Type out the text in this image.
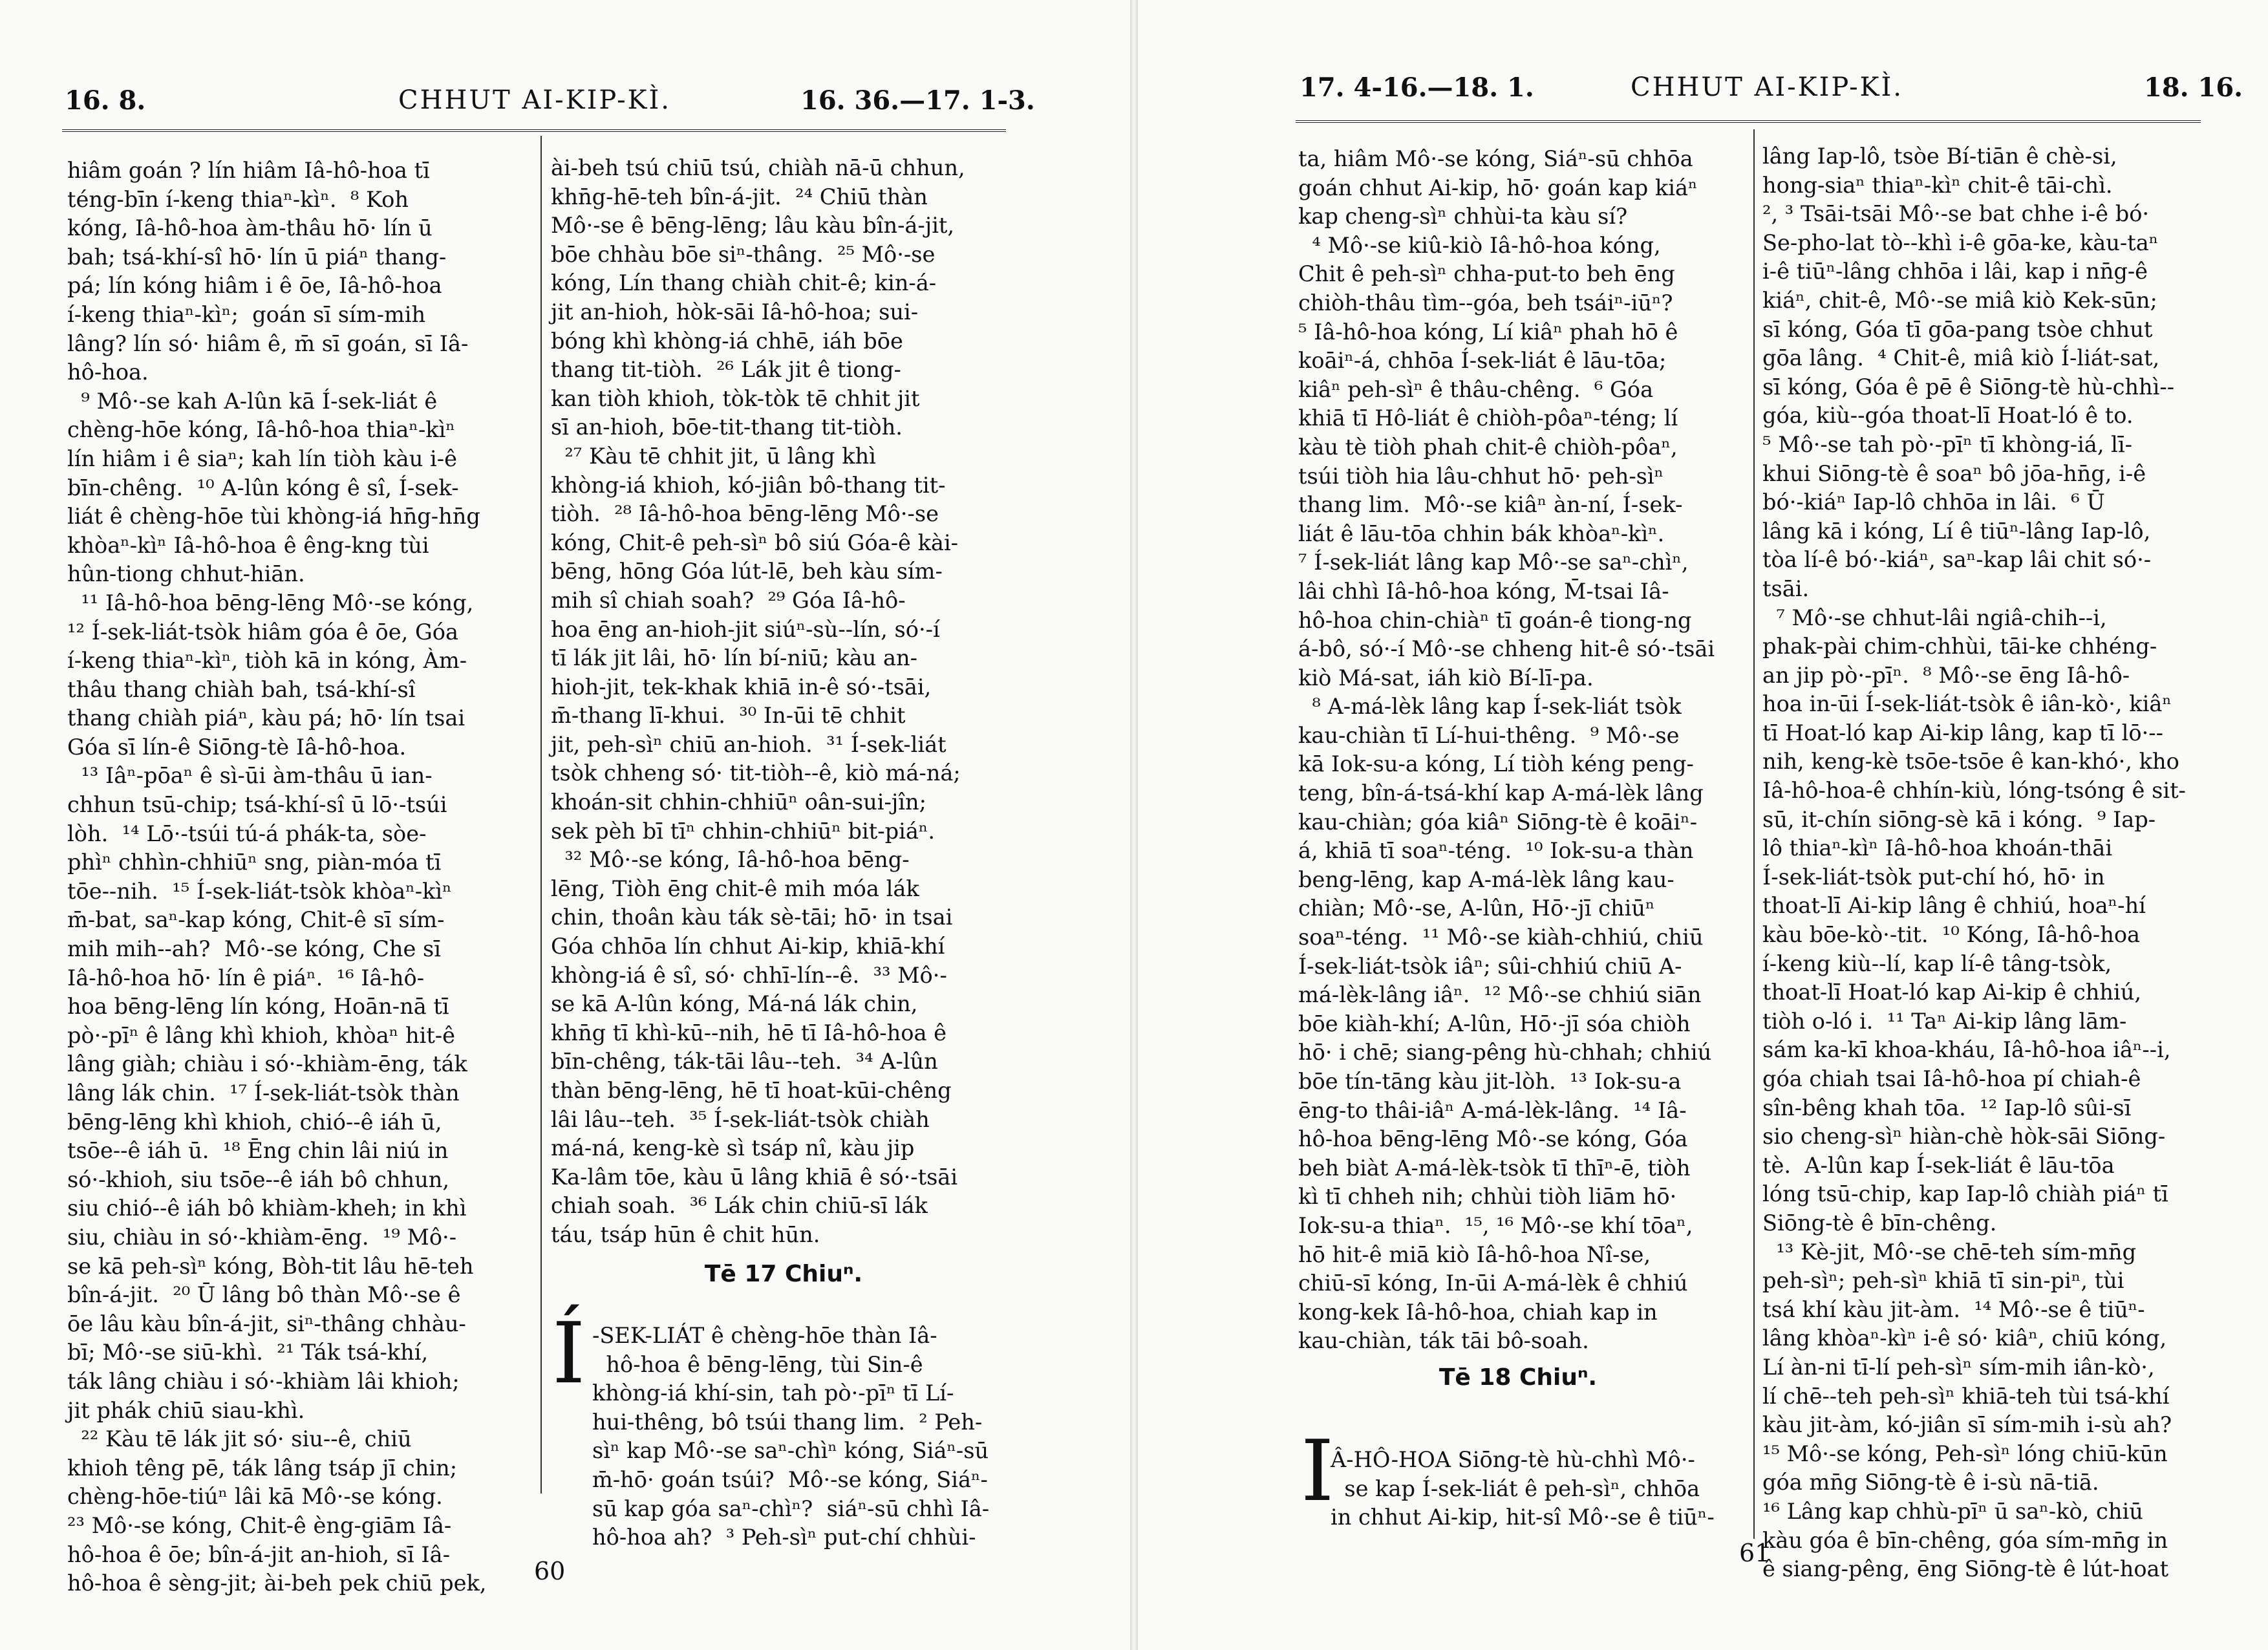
16. 8.	CHHUT AI-KIP-KÌ.	16. 36.—17. 1-3.
hiâm goán ? lín hiâm Iâ-hô-hoa tī
téng-bīn í-keng thiaⁿ-kìⁿ.  ⁸ Koh
kóng, Iâ-hô-hoa àm-thâu hō· lín ū
bah; tsá-khí-sî hō· lín ū piáⁿ thang-
pá; lín kóng hiâm i ê ōe, Iâ-hô-hoa
í-keng thiaⁿ-kìⁿ;  goán sī sím-mih
lâng? lín só· hiâm ê, m̄ sī goán, sī Iâ-
hô-hoa.
⁹ Mô·-se kah A-lûn kā Í-sek-liát ê
chèng-hōe kóng, Iâ-hô-hoa thiaⁿ-kìⁿ
lín hiâm i ê siaⁿ; kah lín tiòh kàu i-ê
bīn-chêng.  ¹⁰ A-lûn kóng ê sî, Í-sek-
liát ê chèng-hōe tùi khòng-iá hn̄g-hn̄g
khòaⁿ-kìⁿ Iâ-hô-hoa ê êng-kng tùi
hûn-tiong chhut-hiān.
¹¹ Iâ-hô-hoa bēng-lēng Mô·-se kóng,
¹² Í-sek-liát-tsòk hiâm góa ê ōe, Góa
í-keng thiaⁿ-kìⁿ, tiòh kā in kóng, Àm-
thâu thang chiàh bah, tsá-khí-sî
thang chiàh piáⁿ, kàu pá; hō· lín tsai
Góa sī lín-ê Siōng-tè Iâ-hô-hoa.
¹³ Iâⁿ-pōaⁿ ê sì-ūi àm-thâu ū ian-
chhun tsū-chip; tsá-khí-sî ū lō·-tsúi
lòh.  ¹⁴ Lō·-tsúi tú-á phák-ta, sòe-
phìⁿ chhìn-chhiūⁿ sng, piàn-móa tī
tōe--nih.  ¹⁵ Í-sek-liát-tsòk khòaⁿ-kìⁿ
m̄-bat, saⁿ-kap kóng, Chit-ê sī sím-
mih mih--ah?  Mô·-se kóng, Che sī
Iâ-hô-hoa hō· lín ê piáⁿ.  ¹⁶ Iâ-hô-
hoa bēng-lēng lín kóng, Hoān-nā tī
pò·-pīⁿ ê lâng khì khioh, khòaⁿ hit-ê
lâng giàh; chiàu i só·-khiàm-ēng, ták
lâng lák chin.  ¹⁷ Í-sek-liát-tsòk thàn
bēng-lēng khì khioh, chió--ê iáh ū,
tsōe--ê iáh ū.  ¹⁸ Ēng chin lâi niú in
só·-khioh, siu tsōe--ê iáh bô chhun,
siu chió--ê iáh bô khiàm-kheh; in khì
siu, chiàu in só·-khiàm-ēng.  ¹⁹ Mô·-
se kā peh-sìⁿ kóng, Bòh-tit lâu hē-teh
bîn-á-jit.  ²⁰ Ū lâng bô thàn Mô·-se ê
ōe lâu kàu bîn-á-jit, siⁿ-thâng chhàu-
bī; Mô·-se siū-khì.  ²¹ Ták tsá-khí,
ták lâng chiàu i só·-khiàm lâi khioh;
jit phák chiū siau-khì.
²² Kàu tē lák jit só· siu--ê, chiū
khioh têng pē, ták lâng tsáp jī chin;
chèng-hōe-tiúⁿ lâi kā Mô·-se kóng.
²³ Mô·-se kóng, Chit-ê èng-giām Iâ-
hô-hoa ê ōe; bîn-á-jit an-hioh, sī Iâ-
hô-hoa ê sèng-jit; ài-beh pek chiū pek,
ài-beh tsú chiū tsú, chiàh nā-ū chhun,
khn̄g-hē-teh bîn-á-jit.  ²⁴ Chiū thàn
Mô·-se ê bēng-lēng; lâu kàu bîn-á-jit,
bōe chhàu bōe siⁿ-thâng.  ²⁵ Mô·-se
kóng, Lín thang chiàh chit-ê; kin-á-
jit an-hioh, hòk-sāi Iâ-hô-hoa; sui-
bóng khì khòng-iá chhē, iáh bōe
thang tit-tiòh.  ²⁶ Lák jit ê tiong-
kan tiòh khioh, tòk-tòk tē chhit jit
sī an-hioh, bōe-tit-thang tit-tiòh.
²⁷ Kàu tē chhit jit, ū lâng khì
khòng-iá khioh, kó-jiân bô-thang tit-
tiòh.  ²⁸ Iâ-hô-hoa bēng-lēng Mô·-se
kóng, Chit-ê peh-sìⁿ bô siú Góa-ê kài-
bēng, hōng Góa lút-lē, beh kàu sím-
mih sî chiah soah?  ²⁹ Góa Iâ-hô-
hoa ēng an-hioh-jit siúⁿ-sù--lín, só·-í
tī lák jit lâi, hō· lín bí-niū; kàu an-
hioh-jit, tek-khak khiā in-ê só·-tsāi,
m̄-thang lī-khui.  ³⁰ In-ūi tē chhit
jit, peh-sìⁿ chiū an-hioh.  ³¹ Í-sek-liát
tsòk chheng só· tit-tiòh--ê, kiò má-ná;
khoán-sit chhin-chhiūⁿ oân-sui-jîn;
sek pèh bī tīⁿ chhin-chhiūⁿ bit-piáⁿ.
³² Mô·-se kóng, Iâ-hô-hoa bēng-
lēng, Tiòh ēng chit-ê mih móa lák
chin, thoân kàu ták sè-tāi; hō· in tsai
Góa chhōa lín chhut Ai-kip, khiā-khí
khòng-iá ê sî, só· chhī-lín--ê.  ³³ Mô·-
se kā A-lûn kóng, Má-ná lák chin,
khn̄g tī khì-kū--nih, hē tī Iâ-hô-hoa ê
bīn-chêng, ták-tāi lâu--teh.  ³⁴ A-lûn
thàn bēng-lēng, hē tī hoat-kūi-chêng
lâi lâu--teh.  ³⁵ Í-sek-liát-tsòk chiàh
má-ná, keng-kè sì tsáp nî, kàu jip
Ka-lâm tōe, kàu ū lâng khiā ê só·-tsāi
chiah soah.  ³⁶ Lák chin chiū-sī lák
táu, tsáp hūn ê chit hūn.
Tē 17 Chiuⁿ.
Í -SEK-LIÁT ê chèng-hōe thàn Iâ-
hô-hoa ê bēng-lēng, tùi Sin-ê
khòng-iá khí-sin, tah pò·-pīⁿ tī Lí-
hui-thêng, bô tsúi thang lim.  ² Peh-
sìⁿ kap Mô·-se saⁿ-chìⁿ kóng, Siáⁿ-sū
m̄-hō· goán tsúi?  Mô·-se kóng, Siáⁿ-
sū kap góa saⁿ-chìⁿ?  siáⁿ-sū chhì Iâ-
hô-hoa ah?  ³ Peh-sìⁿ put-chí chhùi-
60
17. 4-16.—18. 1.	CHHUT AI-KIP-KÌ.	18. 16.
ta, hiâm Mô·-se kóng, Siáⁿ-sū chhōa
goán chhut Ai-kip, hō· goán kap kiáⁿ
kap cheng-sìⁿ chhùi-ta kàu sí?
⁴ Mô·-se kiû-kiò Iâ-hô-hoa kóng,
Chit ê peh-sìⁿ chha-put-to beh ēng
chiòh-thâu tìm--góa, beh tsáiⁿ-iūⁿ?
⁵ Iâ-hô-hoa kóng, Lí kiâⁿ phah hō ê
koāiⁿ-á, chhōa Í-sek-liát ê lāu-tōa;
kiâⁿ peh-sìⁿ ê thâu-chêng.  ⁶ Góa
khiā tī Hô-liát ê chiòh-pôaⁿ-téng; lí
kàu tè tiòh phah chit-ê chiòh-pôaⁿ,
tsúi tiòh hia lâu-chhut hō· peh-sìⁿ
thang lim.  Mô·-se kiâⁿ àn-ní, Í-sek-
liát ê lāu-tōa chhin bák khòaⁿ-kìⁿ.
⁷ Í-sek-liát lâng kap Mô·-se saⁿ-chìⁿ,
lâi chhì Iâ-hô-hoa kóng, M̄-tsai Iâ-
hô-hoa chin-chiàⁿ tī goán-ê tiong-ng
á-bô, só·-í Mô·-se chheng hit-ê só·-tsāi
kiò Má-sat, iáh kiò Bí-lī-pa.
⁸ A-má-lèk lâng kap Í-sek-liát tsòk
kau-chiàn tī Lí-hui-thêng.  ⁹ Mô·-se
kā Iok-su-a kóng, Lí tiòh kéng peng-
teng, bîn-á-tsá-khí kap A-má-lèk lâng
kau-chiàn; góa kiâⁿ Siōng-tè ê koāiⁿ-
á, khiā tī soaⁿ-téng.  ¹⁰ Iok-su-a thàn
beng-lēng, kap A-má-lèk lâng kau-
chiàn; Mô·-se, A-lûn, Hō·-jī chiūⁿ
soaⁿ-téng.  ¹¹ Mô·-se kiàh-chhiú, chiū
Í-sek-liát-tsòk iâⁿ; sûi-chhiú chiū A-
má-lèk-lâng iâⁿ.  ¹² Mô·-se chhiú siān
bōe kiàh-khí; A-lûn, Hō·-jī sóa chiòh
hō· i chē; siang-pêng hù-chhah; chhiú
bōe tín-tāng kàu jit-lòh.  ¹³ Iok-su-a
ēng-to thâi-iâⁿ A-má-lèk-lâng.  ¹⁴ Iâ-
hô-hoa bēng-lēng Mô·-se kóng, Góa
beh biàt A-má-lèk-tsòk tī thīⁿ-ē, tiòh
kì tī chheh nih; chhùi tiòh liām hō·
Iok-su-a thiaⁿ.  ¹⁵, ¹⁶ Mô·-se khí tōaⁿ,
hō hit-ê miā kiò Iâ-hô-hoa Nî-se,
chiū-sī kóng, In-ūi A-má-lèk ê chhiú
kong-kek Iâ-hô-hoa, chiah kap in
kau-chiàn, ták tāi bô-soah.
Tē 18 Chiuⁿ.
I
Â-HÔ-HOA Siōng-tè hù-chhì Mô·-
se kap Í-sek-liát ê peh-sìⁿ, chhōa
in chhut Ai-kip, hit-sî Mô·-se ê tiūⁿ-
lâng Iap-lô, tsòe Bí-tiān ê chè-si,
hong-siaⁿ thiaⁿ-kìⁿ chit-ê tāi-chì.
², ³ Tsāi-tsāi Mô·-se bat chhe i-ê bó·
Se-pho-lat tò--khì i-ê gōa-ke, kàu-taⁿ
i-ê tiūⁿ-lâng chhōa i lâi, kap i nn̄g-ê
kiáⁿ, chit-ê, Mô·-se miâ kiò Kek-sūn;
sī kóng, Góa tī gōa-pang tsòe chhut
gōa lâng.  ⁴ Chit-ê, miâ kiò Í-liát-sat,
sī kóng, Góa ê pē ê Siōng-tè hù-chhì--
góa, kiù--góa thoat-lī Hoat-ló ê to.
⁵ Mô·-se tah pò·-pīⁿ tī khòng-iá, lī-
khui Siōng-tè ê soaⁿ bô jōa-hn̄g, i-ê
bó·-kiáⁿ Iap-lô chhōa in lâi.  ⁶ Ū
lâng kā i kóng, Lí ê tiūⁿ-lâng Iap-lô,
tòa lí-ê bó·-kiáⁿ, saⁿ-kap lâi chit só·-
tsāi.
⁷ Mô·-se chhut-lâi ngiâ-chih--i,
phak-pài chim-chhùi, tāi-ke chhéng-
an jip pò·-pīⁿ.  ⁸ Mô·-se ēng Iâ-hô-
hoa in-ūi Í-sek-liát-tsòk ê iân-kò·, kiâⁿ
tī Hoat-ló kap Ai-kip lâng, kap tī lō·--
nih, keng-kè tsōe-tsōe ê kan-khó·, kho
Iâ-hô-hoa-ê chhín-kiù, lóng-tsóng ê sit-
sū, it-chín siōng-sè kā i kóng.  ⁹ Iap-
lô thiaⁿ-kìⁿ Iâ-hô-hoa khoán-thāi
Í-sek-liát-tsòk put-chí hó, hō· in
thoat-lī Ai-kip lâng ê chhiú, hoaⁿ-hí
kàu bōe-kò·-tit.  ¹⁰ Kóng, Iâ-hô-hoa
í-keng kiù--lí, kap lí-ê tâng-tsòk,
thoat-lī Hoat-ló kap Ai-kip ê chhiú,
tiòh o-ló i.  ¹¹ Taⁿ Ai-kip lâng lām-
sám ka-kī khoa-kháu, Iâ-hô-hoa iâⁿ--i,
góa chiah tsai Iâ-hô-hoa pí chiah-ê
sîn-bêng khah tōa.  ¹² Iap-lô sûi-sī
sio cheng-sìⁿ hiàn-chè hòk-sāi Siōng-
tè.  A-lûn kap Í-sek-liát ê lāu-tōa
lóng tsū-chip, kap Iap-lô chiàh piáⁿ tī
Siōng-tè ê bīn-chêng.
¹³ Kè-jit, Mô·-se chē-teh sím-mn̄g
peh-sìⁿ; peh-sìⁿ khiā tī sin-piⁿ, tùi
tsá khí kàu jit-àm.  ¹⁴ Mô·-se ê tiūⁿ-
lâng khòaⁿ-kìⁿ i-ê só· kiâⁿ, chiū kóng,
Lí àn-ni tī-lí peh-sìⁿ sím-mih iân-kò·,
lí chē--teh peh-sìⁿ khiā-teh tùi tsá-khí
kàu jit-àm, kó-jiân sī sím-mih i-sù ah?
¹⁵ Mô·-se kóng, Peh-sìⁿ lóng chiū-kūn
góa mn̄g Siōng-tè ê i-sù nā-tiā.
¹⁶ Lâng kap chhù-pīⁿ ū saⁿ-kò, chiū
kàu góa ê bīn-chêng, góa sím-mn̄g in
ê siang-pêng, ēng Siōng-tè ê lút-hoat
61
